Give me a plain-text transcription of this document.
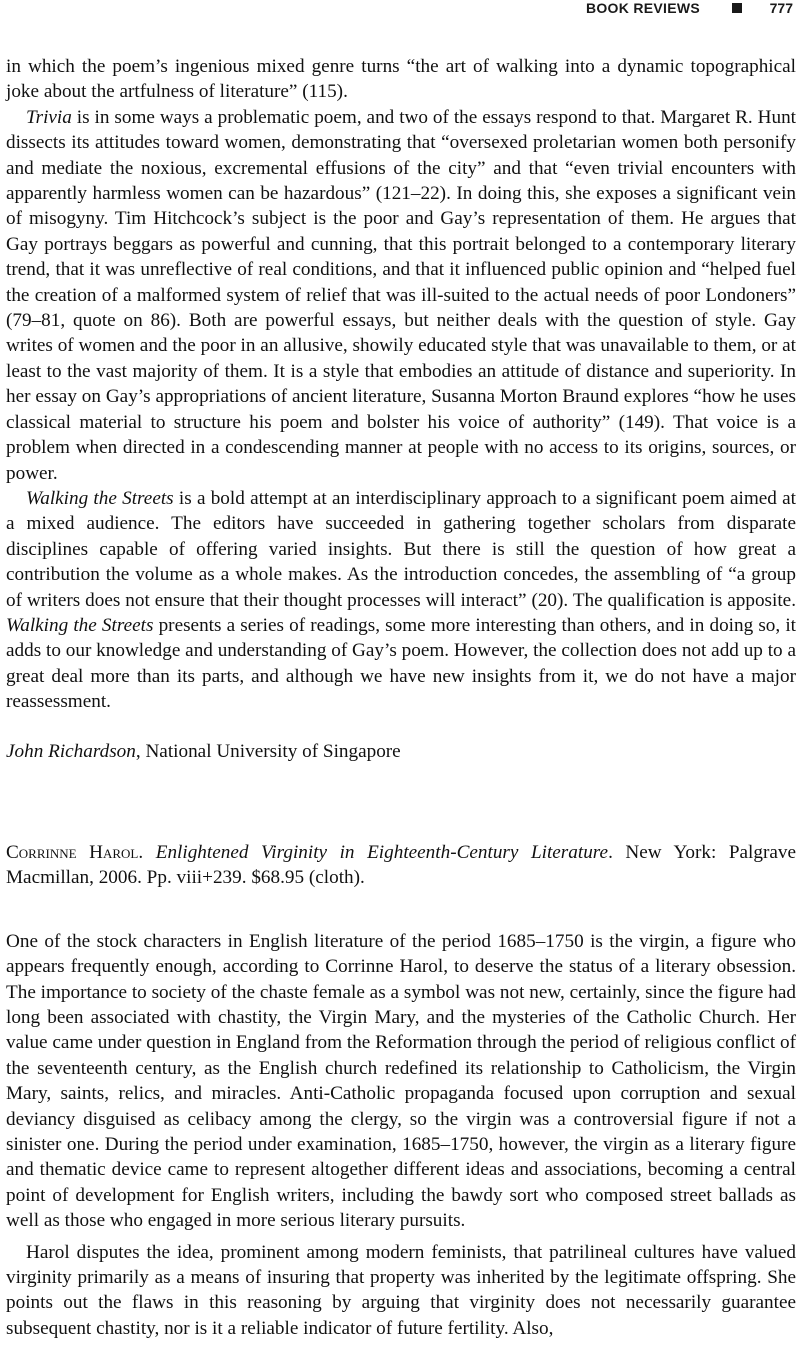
BOOK REVIEWS	777

in which the poem’s ingenious mixed genre turns “the art of walking into a dynamic topographical joke about the artfulness of literature” (115).

Trivia is in some ways a problematic poem, and two of the essays respond to that. Margaret R. Hunt dissects its attitudes toward women, demonstrating that “oversexed proletarian women both personify and mediate the noxious, excremental effusions of the city” and that “even trivial encounters with apparently harmless women can be hazardous” (121–22). In doing this, she exposes a significant vein of misogyny. Tim Hitchcock’s subject is the poor and Gay’s representation of them. He argues that Gay portrays beggars as powerful and cunning, that this portrait belonged to a contemporary literary trend, that it was unreflective of real conditions, and that it influenced public opinion and “helped fuel the creation of a malformed system of relief that was ill-suited to the actual needs of poor Londoners” (79–81, quote on 86). Both are powerful essays, but neither deals with the question of style. Gay writes of women and the poor in an allusive, showily educated style that was unavailable to them, or at least to the vast majority of them. It is a style that embodies an attitude of distance and superiority. In her essay on Gay’s appropriations of ancient literature, Susanna Morton Braund explores “how he uses classical material to structure his poem and bolster his voice of authority” (149). That voice is a problem when directed in a condescending manner at people with no access to its origins, sources, or power.

Walking the Streets is a bold attempt at an interdisciplinary approach to a significant poem aimed at a mixed audience. The editors have succeeded in gathering together scholars from disparate disciplines capable of offering varied insights. But there is still the question of how great a contribution the volume as a whole makes. As the introduction concedes, the assembling of “a group of writers does not ensure that their thought processes will interact” (20). The qualification is apposite. Walking the Streets presents a series of readings, some more interesting than others, and in doing so, it adds to our knowledge and understanding of Gay’s poem. However, the collection does not add up to a great deal more than its parts, and although we have new insights from it, we do not have a major reassessment.

John Richardson, National University of Singapore

Corrinne Harol. Enlightened Virginity in Eighteenth-Century Literature. New York: Palgrave Macmillan, 2006. Pp. viii+239. $68.95 (cloth).

One of the stock characters in English literature of the period 1685–1750 is the virgin, a figure who appears frequently enough, according to Corrinne Harol, to deserve the status of a literary obsession. The importance to society of the chaste female as a symbol was not new, certainly, since the figure had long been associated with chastity, the Virgin Mary, and the mysteries of the Catholic Church. Her value came under question in England from the Reformation through the period of religious conflict of the seventeenth century, as the English church redefined its relationship to Catholicism, the Virgin Mary, saints, relics, and miracles. Anti-Catholic propaganda focused upon corruption and sexual deviancy disguised as celibacy among the clergy, so the virgin was a controversial figure if not a sinister one. During the period under examination, 1685–1750, however, the virgin as a literary figure and thematic device came to represent altogether different ideas and associations, becoming a central point of development for English writers, including the bawdy sort who composed street ballads as well as those who engaged in more serious literary pursuits.

Harol disputes the idea, prominent among modern feminists, that patrilineal cultures have valued virginity primarily as a means of insuring that property was inherited by the legitimate offspring. She points out the flaws in this reasoning by arguing that virginity does not necessarily guarantee subsequent chastity, nor is it a reliable indicator of future fertility. Also,
